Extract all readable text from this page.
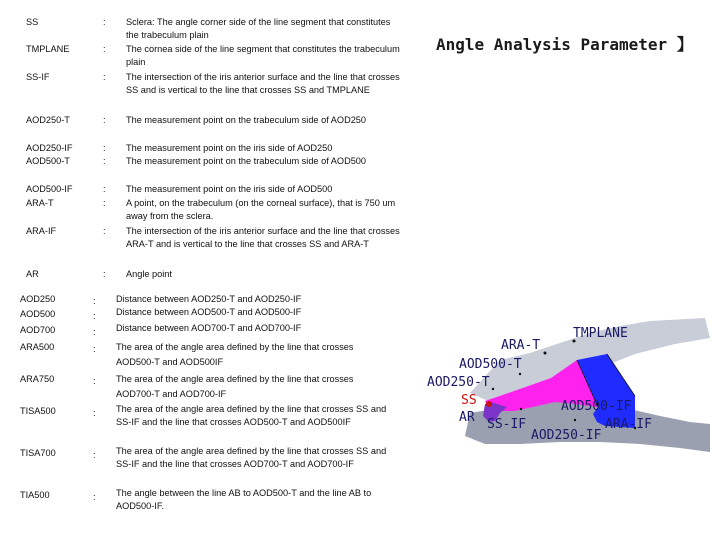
Angle Analysis Parameter 】
SS	:	Sclera: The angle corner side of the line segment that constitutes the trabeculum plain
TMPLANE	:	The cornea side of the line segment that constitutes the trabeculum plain
SS-IF	:	The intersection of the iris anterior surface and the line that crosses SS and is vertical to the line that crosses SS and TMPLANE
AOD250-T	:	The measurement point on the trabeculum side of AOD250
AOD250-IF	:	The measurement point on the iris side of AOD250
AOD500-T	:	The measurement point on the trabeculum side of AOD500
AOD500-IF	:	The measurement point on the iris side of AOD500
ARA-T	:	A point, on the trabeculum (on the corneal surface), that is 750 um away from the sclera.
ARA-IF	:	The intersection of the iris anterior surface and the line that crosses ARA-T and is vertical to the line that crosses SS and ARA-T
AR	:	Angle point
AOD250	:	Distance between AOD250-T and AOD250-IF
AOD500	:	Distance between AOD500-T and AOD500-IF
AOD700	:	Distance between AOD700-T and AOD700-IF
ARA500	:	The area of the angle area defined by the line that crosses
AOD500-T and AOD500IF
ARA750	:	The area of the angle area defined by the line that crosses
AOD700-T and AOD700-IF
TISA500	:	The area of the angle area defined by the line that crosses SS and SS-IF and the line that crosses AOD500-T and AOD500IF
TISA700	:	The area of the angle area defined by the line that crosses SS and SS-IF and the line that crosses AOD700-T and AOD700-IF
TIA500	:	The angle between the line AB to AOD500-T and the line AB to AOD500-IF.
ARA-T
TMPLANE
AOD500-T
AOD250-T
SS
AR SS-IF
AOD500-IF
ARA-IF
AOD250-IF
